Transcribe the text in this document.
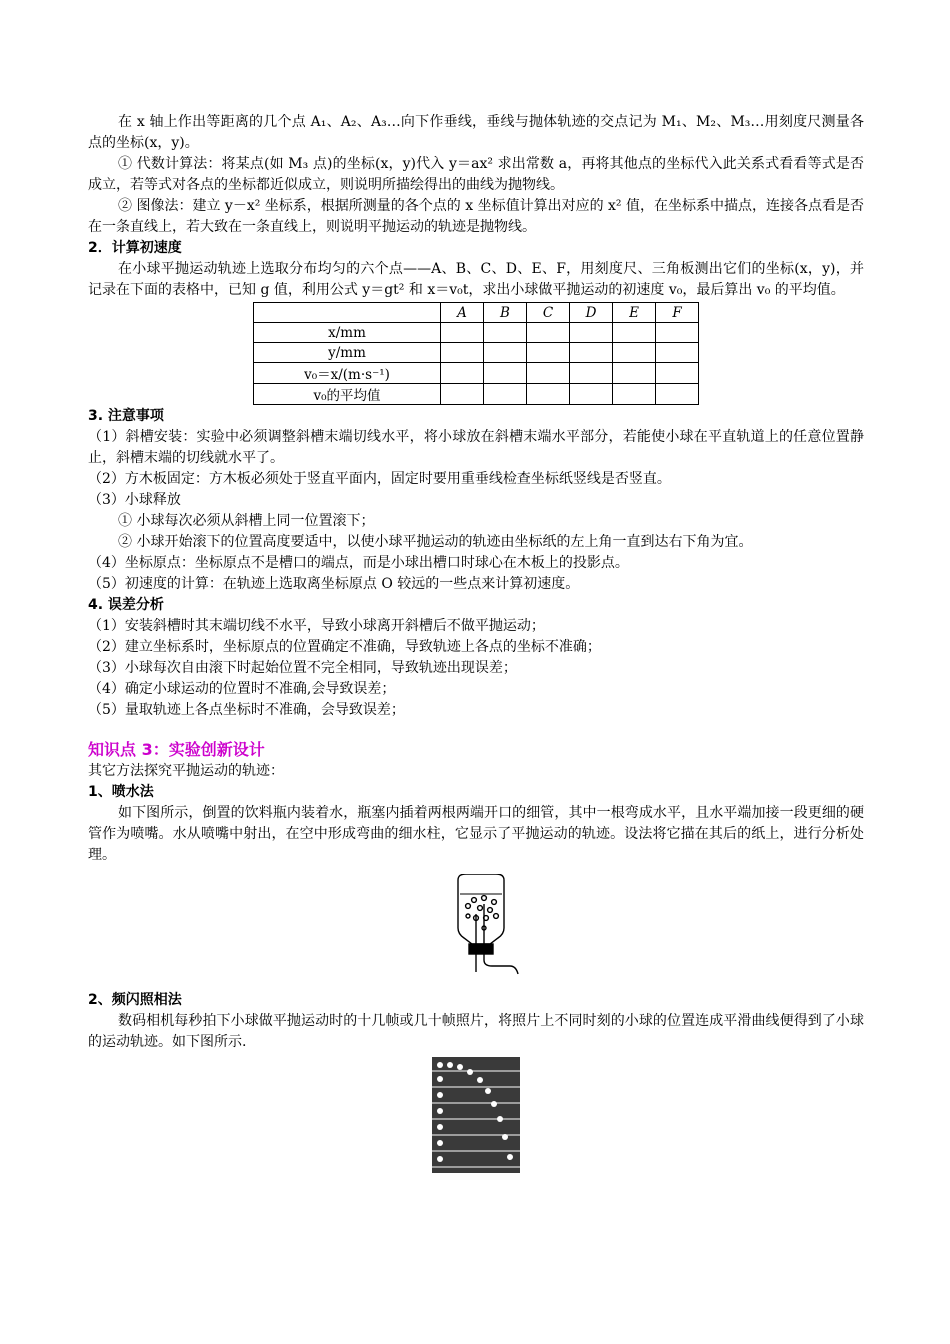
在 x 轴上作出等距离的几个点 A₁、A₂、A₃…向下作垂线，垂线与抛体轨迹的交点记为 M₁、M₂、M₃…用刻度尺测量各点的坐标(x，y)。

① 代数计算法：将某点(如 M₃ 点)的坐标(x，y)代入 y＝ax² 求出常数 a，再将其他点的坐标代入此关系式看看等式是否成立，若等式对各点的坐标都近似成立，则说明所描绘得出的曲线为抛物线。

② 图像法：建立 y－x² 坐标系，根据所测量的各个点的 x 坐标值计算出对应的 x² 值，在坐标系中描点，连接各点看是否在一条直线上，若大致在一条直线上，则说明平抛运动的轨迹是抛物线。

2．计算初速度

在小球平抛运动轨迹上选取分布均匀的六个点——A、B、C、D、E、F，用刻度尺、三角板测出它们的坐标(x，y)，并记录在下面的表格中，已知 g 值，利用公式 y＝gt² 和 x＝v₀t，求出小球做平抛运动的初速度 v₀，最后算出 v₀ 的平均值。

	A	B	C	D	E	F
x/mm						
y/mm						
v₀＝x/(m·s⁻¹)						
v₀的平均值						

3. 注意事项

（1）斜槽安装：实验中必须调整斜槽末端切线水平，将小球放在斜槽末端水平部分，若能使小球在平直轨道上的任意位置静止，斜槽末端的切线就水平了。

（2）方木板固定：方木板必须处于竖直平面内，固定时要用重垂线检查坐标纸竖线是否竖直。

（3）小球释放

① 小球每次必须从斜槽上同一位置滚下；

② 小球开始滚下的位置高度要适中，以使小球平抛运动的轨迹由坐标纸的左上角一直到达右下角为宜。

（4）坐标原点：坐标原点不是槽口的端点，而是小球出槽口时球心在木板上的投影点。

（5）初速度的计算：在轨迹上选取离坐标原点 O 较远的一些点来计算初速度。

4. 误差分析

（1）安装斜槽时其末端切线不水平，导致小球离开斜槽后不做平抛运动；

（2）建立坐标系时，坐标原点的位置确定不准确，导致轨迹上各点的坐标不准确；

（3）小球每次自由滚下时起始位置不完全相同，导致轨迹出现误差；

（4）确定小球运动的位置时不准确,会导致误差；

（5）量取轨迹上各点坐标时不准确，会导致误差；

知识点 3：实验创新设计

其它方法探究平抛运动的轨迹：

1、喷水法

如下图所示，倒置的饮料瓶内装着水，瓶塞内插着两根两端开口的细管，其中一根弯成水平，且水平端加接一段更细的硬管作为喷嘴。水从喷嘴中射出，在空中形成弯曲的细水柱，它显示了平抛运动的轨迹。设法将它描在其后的纸上，进行分析处理。

2、频闪照相法

数码相机每秒拍下小球做平抛运动时的十几帧或几十帧照片，将照片上不同时刻的小球的位置连成平滑曲线便得到了小球的运动轨迹。如下图所示.
